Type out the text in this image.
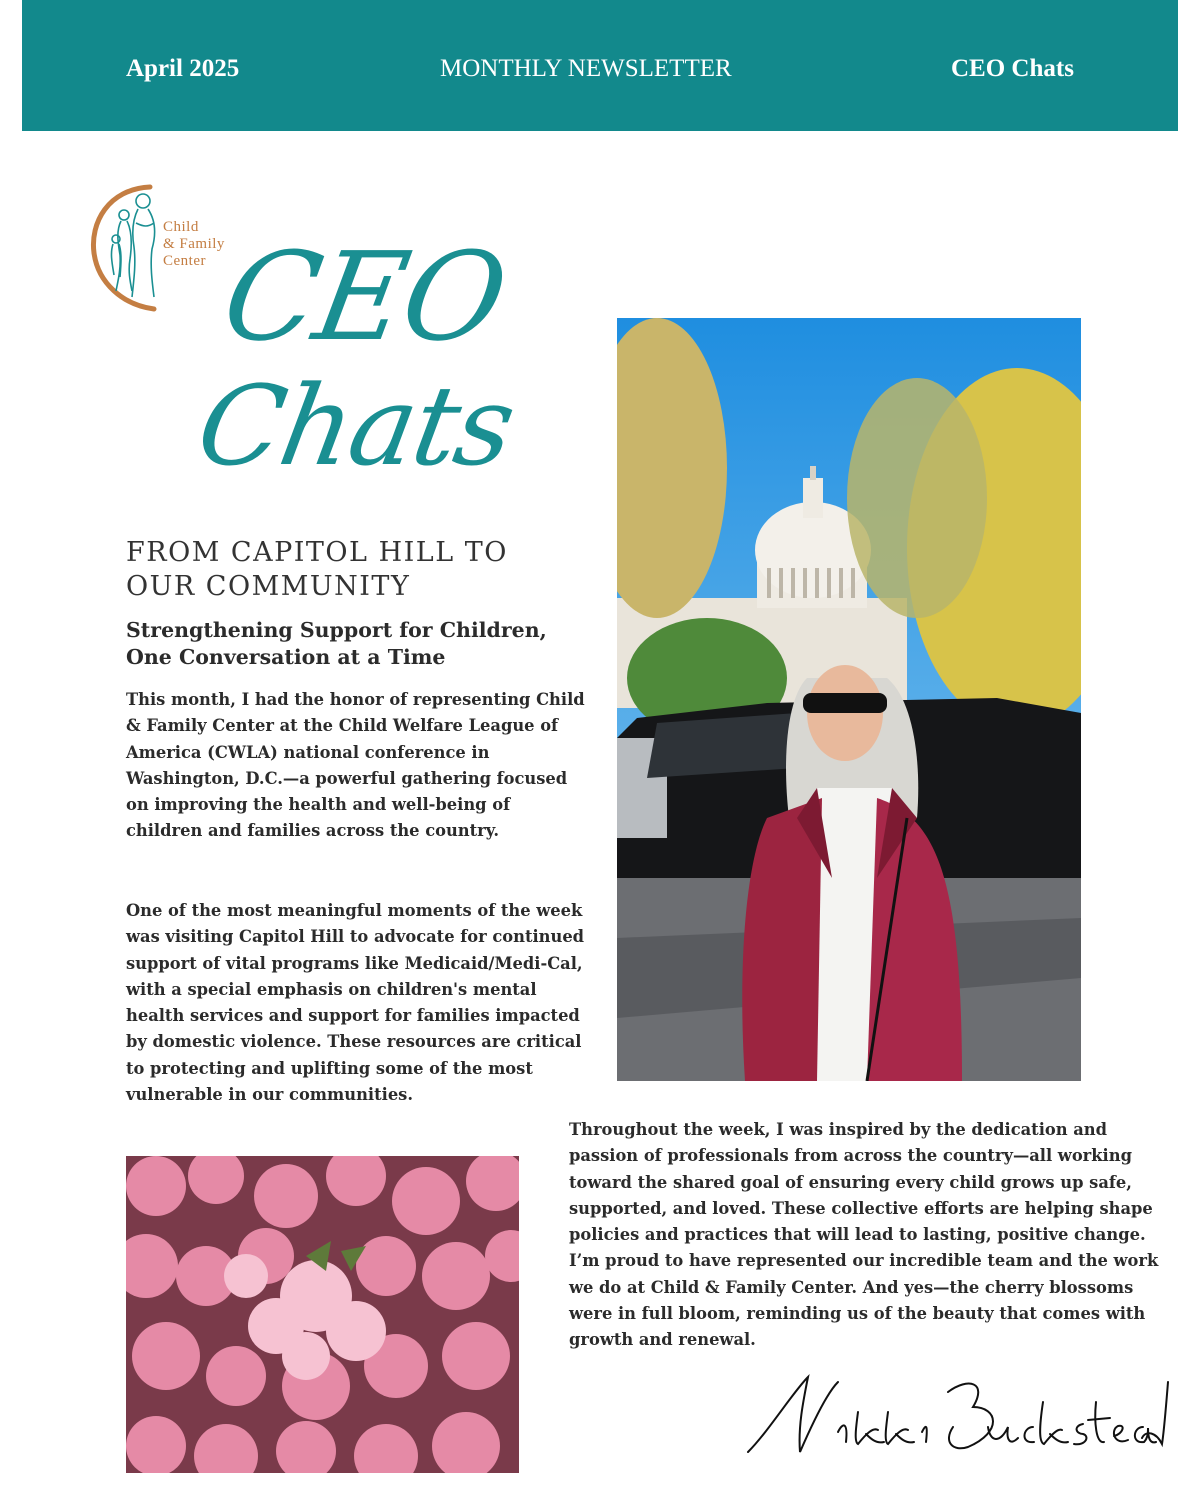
April 2025	MONTHLY NEWSLETTER	CEO Chats
Child
& Family
Center CEO
Chats
FROM CAPITOL HILL TO
OUR COMMUNITY
Strengthening Support for Children, One Conversation at a Time
This month, I had the honor of representing Child & Family Center at the Child Welfare League of America (CWLA) national conference in Washington, D.C.—a powerful gathering focused on improving the health and well-being of children and families across the country.
One of the most meaningful moments of the week was visiting Capitol Hill to advocate for continued support of vital programs like Medicaid/Medi-Cal, with a special emphasis on children's mental health services and support for families impacted by domestic violence. These resources are critical to protecting and uplifting some of the most vulnerable in our communities.
Throughout the week, I was inspired by the dedication and passion of professionals from across the country—all working toward the shared goal of ensuring every child grows up safe, supported, and loved. These collective efforts are helping shape policies and practices that will lead to lasting, positive change. I’m proud to have represented our incredible team and the work we do at Child & Family Center. And yes—the cherry blossoms were in full bloom, reminding us of the beauty that comes with growth and renewal.
